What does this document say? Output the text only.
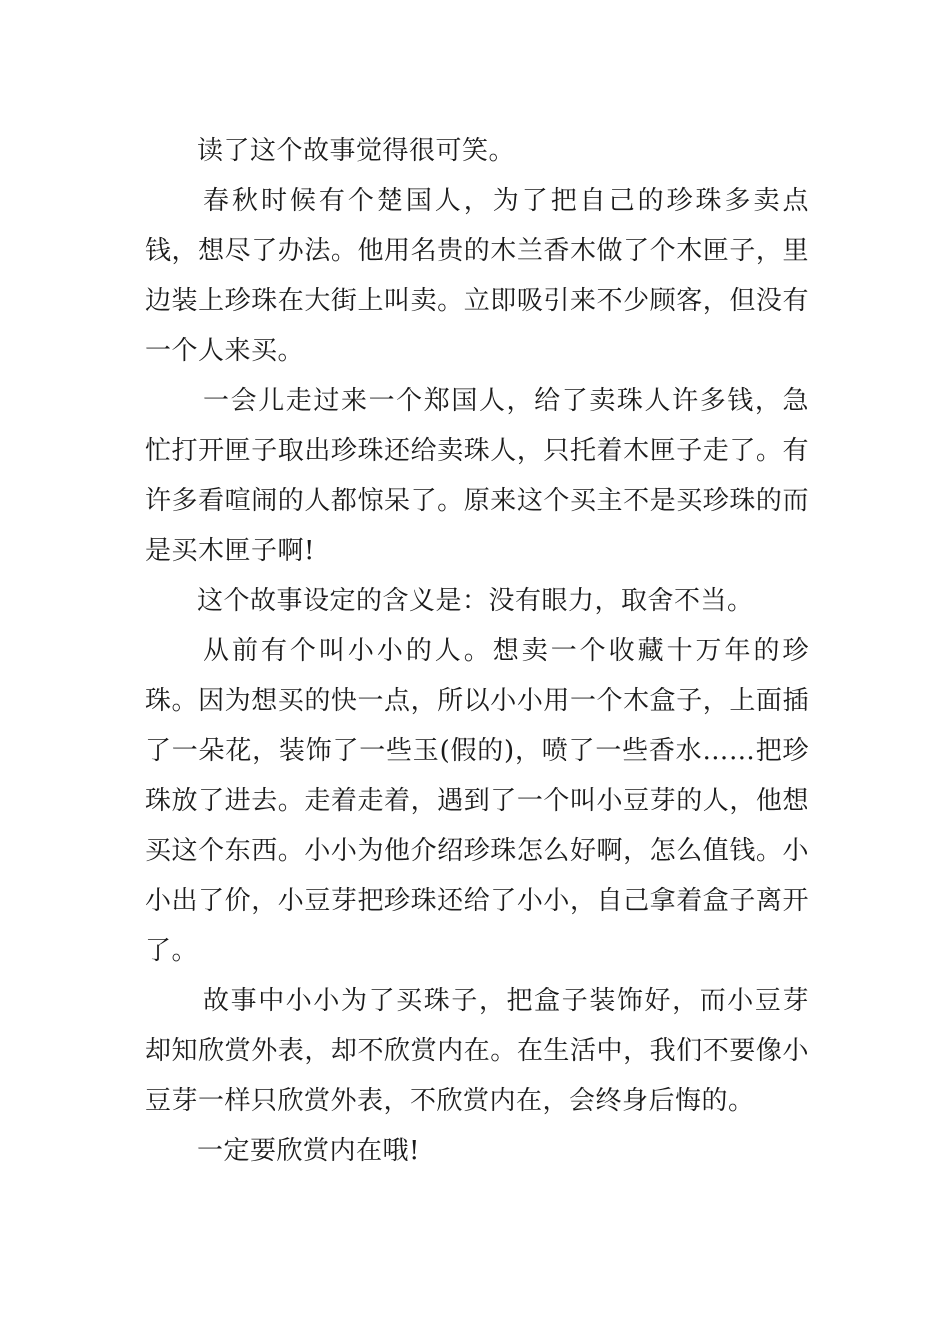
读了这个故事觉得很可笑。

春秋时候有个楚国人，为了把自己的珍珠多卖点钱，想尽了办法。他用名贵的木兰香木做了个木匣子，里边装上珍珠在大街上叫卖。立即吸引来不少顾客，但没有一个人来买。

一会儿走过来一个郑国人，给了卖珠人许多钱，急忙打开匣子取出珍珠还给卖珠人，只托着木匣子走了。有许多看喧闹的人都惊呆了。原来这个买主不是买珍珠的而是买木匣子啊!

这个故事设定的含义是：没有眼力，取舍不当。

从前有个叫小小的人。想卖一个收藏十万年的珍珠。因为想买的快一点，所以小小用一个木盒子，上面插了一朵花，装饰了一些玉(假的)，喷了一些香水……把珍珠放了进去。走着走着，遇到了一个叫小豆芽的人，他想买这个东西。小小为他介绍珍珠怎么好啊，怎么值钱。小小出了价，小豆芽把珍珠还给了小小，自己拿着盒子离开了。

故事中小小为了买珠子，把盒子装饰好，而小豆芽却知欣赏外表，却不欣赏内在。在生活中，我们不要像小豆芽一样只欣赏外表，不欣赏内在，会终身后悔的。

一定要欣赏内在哦!
